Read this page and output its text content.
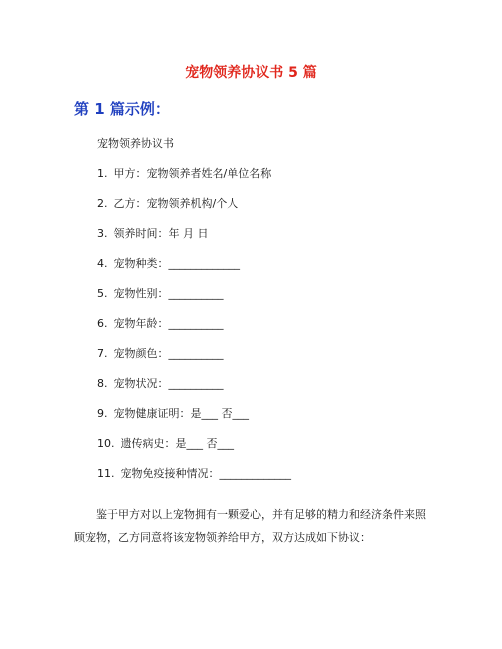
宠物领养协议书 5 篇
第 1 篇示例：
宠物领养协议书
1. 甲方：宠物领养者姓名/单位名称
2. 乙方：宠物领养机构/个人
3. 领养时间：年 月 日
4. 宠物种类：_____________
5. 宠物性别：__________
6. 宠物年龄：__________
7. 宠物颜色：__________
8. 宠物状况：__________
9. 宠物健康证明：是___ 否___
10. 遗传病史：是___ 否___
11. 宠物免疫接种情况：_____________

鉴于甲方对以上宠物拥有一颗爱心，并有足够的精力和经济条件来照顾宠物，乙方同意将该宠物领养给甲方，双方达成如下协议：
